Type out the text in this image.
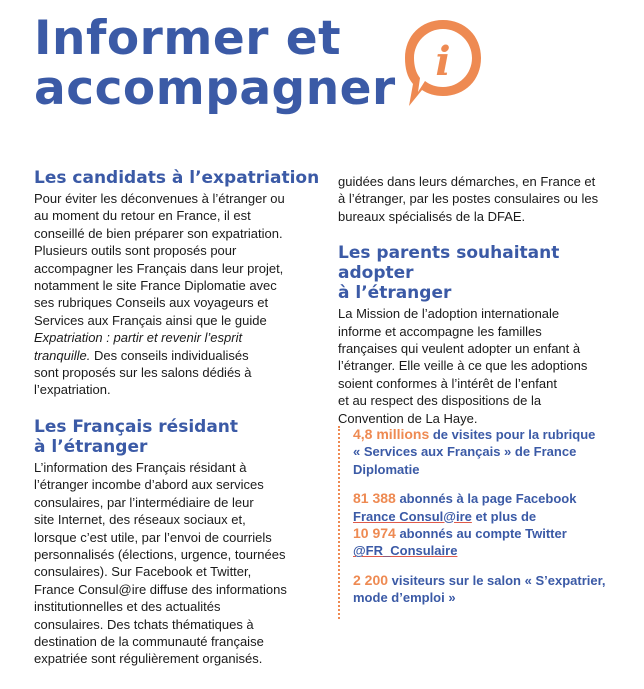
Informer et
accompagner i
Les candidats à l’expatriation

Pour éviter les déconvenues à l’étranger ou
au moment du retour en France, il est
conseillé de bien préparer son expatriation.
Plusieurs outils sont proposés pour
accompagner les Français dans leur projet,
notamment le site France Diplomatie avec
ses rubriques Conseils aux voyageurs et
Services aux Français ainsi que le guide
Expatriation : partir et revenir l’esprit
tranquille. Des conseils individualisés
sont proposés sur les salons dédiés à
l’expatriation.

Les Français résidant
à l’étranger

L’information des Français résidant à
l’étranger incombe d’abord aux services
consulaires, par l’intermédiaire de leur
site Internet, des réseaux sociaux et,
lorsque c’est utile, par l’envoi de courriels
personnalisés (élections, urgence, tournées
consulaires). Sur Facebook et Twitter,
France Consul@ire diffuse des informations
institutionnelles et des actualités
consulaires. Des tchats thématiques à
destination de la communauté française
expatriée sont régulièrement organisés.

guidées dans leurs démarches, en France et
à l’étranger, par les postes consulaires ou les
bureaux spécialisés de la DFAE.

Les parents souhaitant adopter
à l’étranger

La Mission de l’adoption internationale
informe et accompagne les familles
françaises qui veulent adopter un enfant à
l’étranger. Elle veille à ce que les adoptions
soient conformes à l’intérêt de l’enfant
et au respect des dispositions de la
Convention de La Haye.

4,8 millions de visites pour la rubrique
« Services aux Français » de France
Diplomatie
81 388 abonnés à la page Facebook
France Consul@ire et plus de
10 974 abonnés au compte Twitter
@FR_Consulaire
2 200 visiteurs sur le salon « S’expatrier,
mode d’emploi »
